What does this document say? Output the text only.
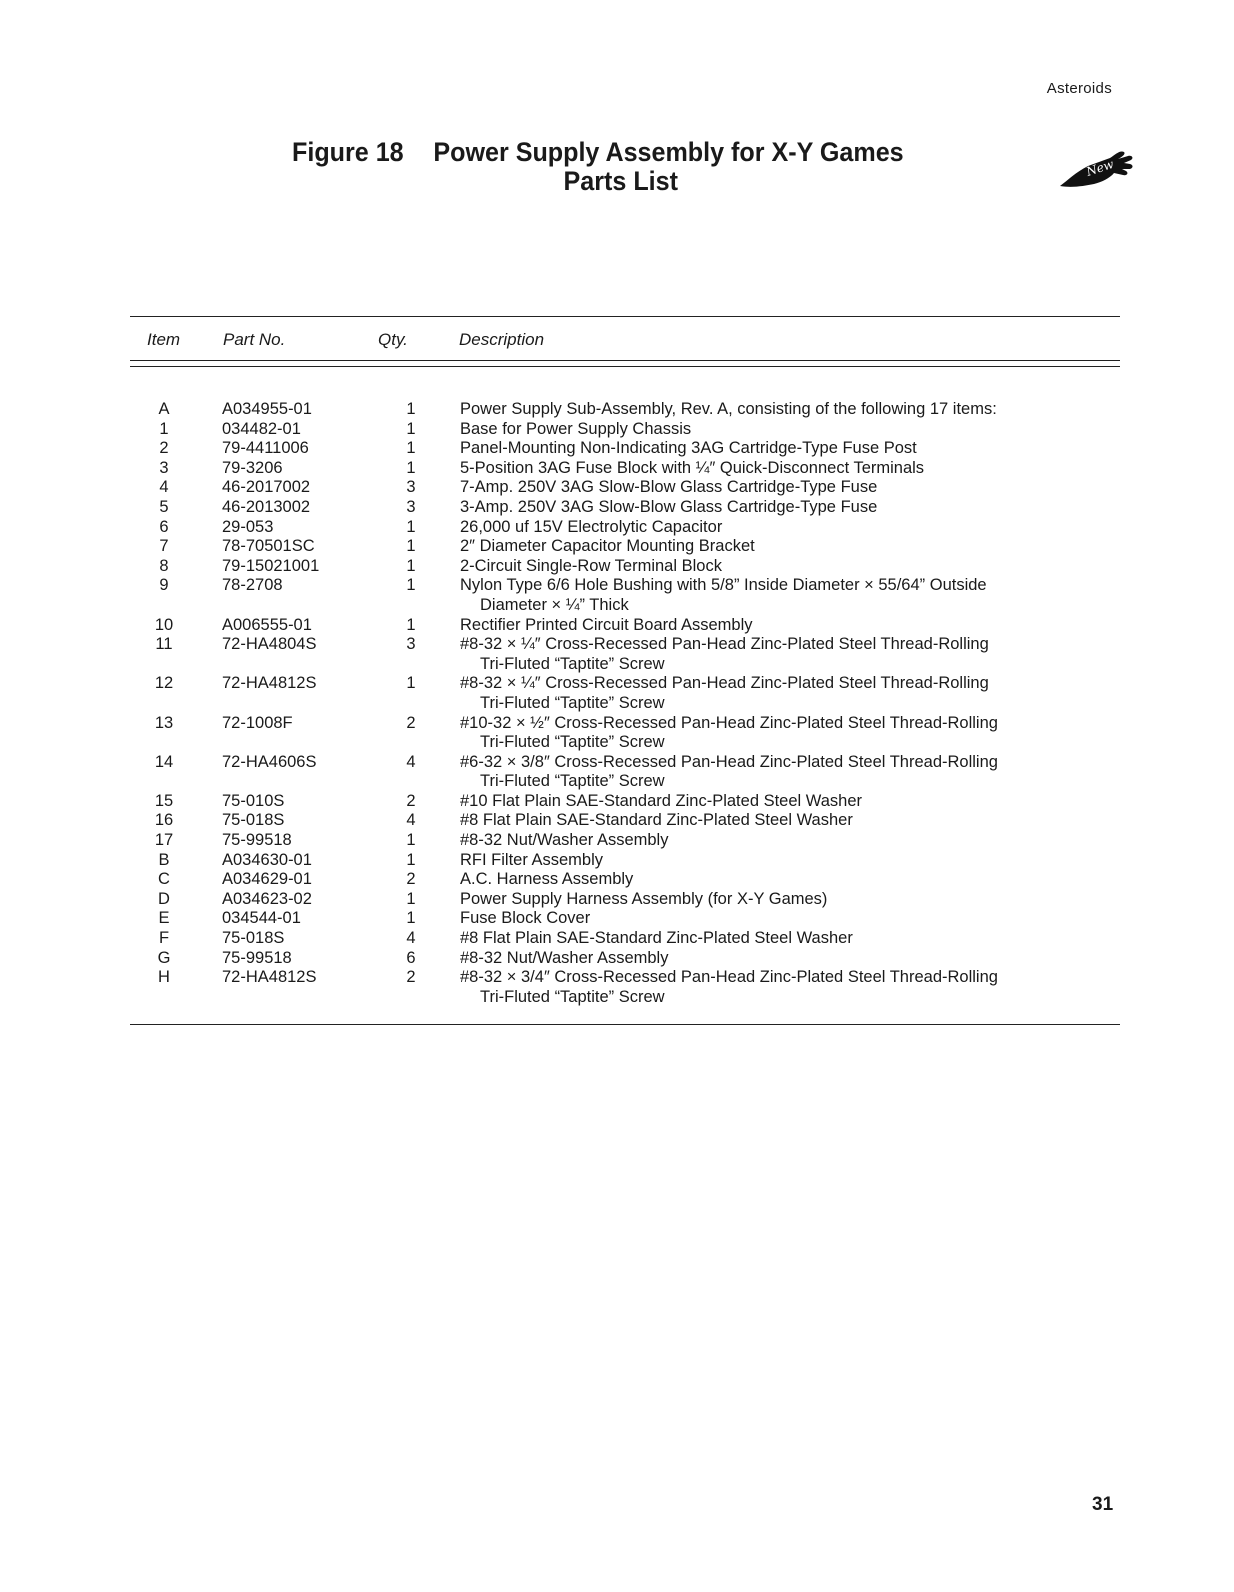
Asteroids
Figure 18	Power Supply Assembly for X-Y Games
Parts List	New
Item	Part No.	Qty.	Description
A	A034955-01	1	Power Supply Sub-Assembly, Rev. A, consisting of the following 17 items:
1	034482-01	1	Base for Power Supply Chassis
2	79-4411006	1	Panel-Mounting Non-Indicating 3AG Cartridge-Type Fuse Post
3	79-3206	1	5-Position 3AG Fuse Block with ¼″ Quick-Disconnect Terminals
4	46-2017002	3	7-Amp. 250V 3AG Slow-Blow Glass Cartridge-Type Fuse
5	46-2013002	3	3-Amp. 250V 3AG Slow-Blow Glass Cartridge-Type Fuse
6	29-053	1	26,000 uf 15V Electrolytic Capacitor
7	78-70501SC	1	2″ Diameter Capacitor Mounting Bracket
8	79-15021001	1	2-Circuit Single-Row Terminal Block
9	78-2708	1	Nylon Type 6/6 Hole Bushing with 5/8” Inside Diameter × 55/64” Outside
Diameter × ¼” Thick
10	A006555-01	1	Rectifier Printed Circuit Board Assembly
11	72-HA4804S	3	#8-32 × ¼″ Cross-Recessed Pan-Head Zinc-Plated Steel Thread-Rolling
Tri-Fluted “Taptite” Screw
12	72-HA4812S	1	#8-32 × ¼″ Cross-Recessed Pan-Head Zinc-Plated Steel Thread-Rolling
Tri-Fluted “Taptite” Screw
13	72-1008F	2	#10-32 × ½″ Cross-Recessed Pan-Head Zinc-Plated Steel Thread-Rolling
Tri-Fluted “Taptite” Screw
14	72-HA4606S	4	#6-32 × 3/8″ Cross-Recessed Pan-Head Zinc-Plated Steel Thread-Rolling
Tri-Fluted “Taptite” Screw
15	75-010S	2	#10 Flat Plain SAE-Standard Zinc-Plated Steel Washer
16	75-018S	4	#8 Flat Plain SAE-Standard Zinc-Plated Steel Washer
17	75-99518	1	#8-32 Nut/Washer Assembly
B	A034630-01	1	RFI Filter Assembly
C	A034629-01	2	A.C. Harness Assembly
D	A034623-02	1	Power Supply Harness Assembly (for X-Y Games)
E	034544-01	1	Fuse Block Cover
F	75-018S	4	#8 Flat Plain SAE-Standard Zinc-Plated Steel Washer
G	75-99518	6	#8-32 Nut/Washer Assembly
H	72-HA4812S	2	#8-32 × 3/4″ Cross-Recessed Pan-Head Zinc-Plated Steel Thread-Rolling
Tri-Fluted “Taptite” Screw
31
